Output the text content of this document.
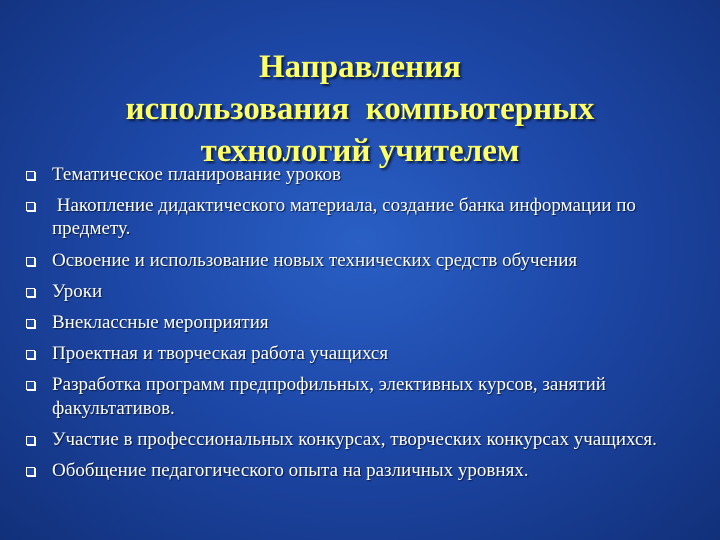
Направления
использования  компьютерных
технологий учителем
Тематическое планирование уроков
Накопление дидактического материала, создание банка информации по предмету.
Освоение и использование новых технических средств обучения
Уроки
Внеклассные мероприятия
Проектная и творческая работа учащихся
Разработка программ предпрофильных, элективных курсов, занятий факультативов.
Участие в профессиональных конкурсах, творческих конкурсах учащихся.
Обобщение педагогического опыта на различных уровнях.
